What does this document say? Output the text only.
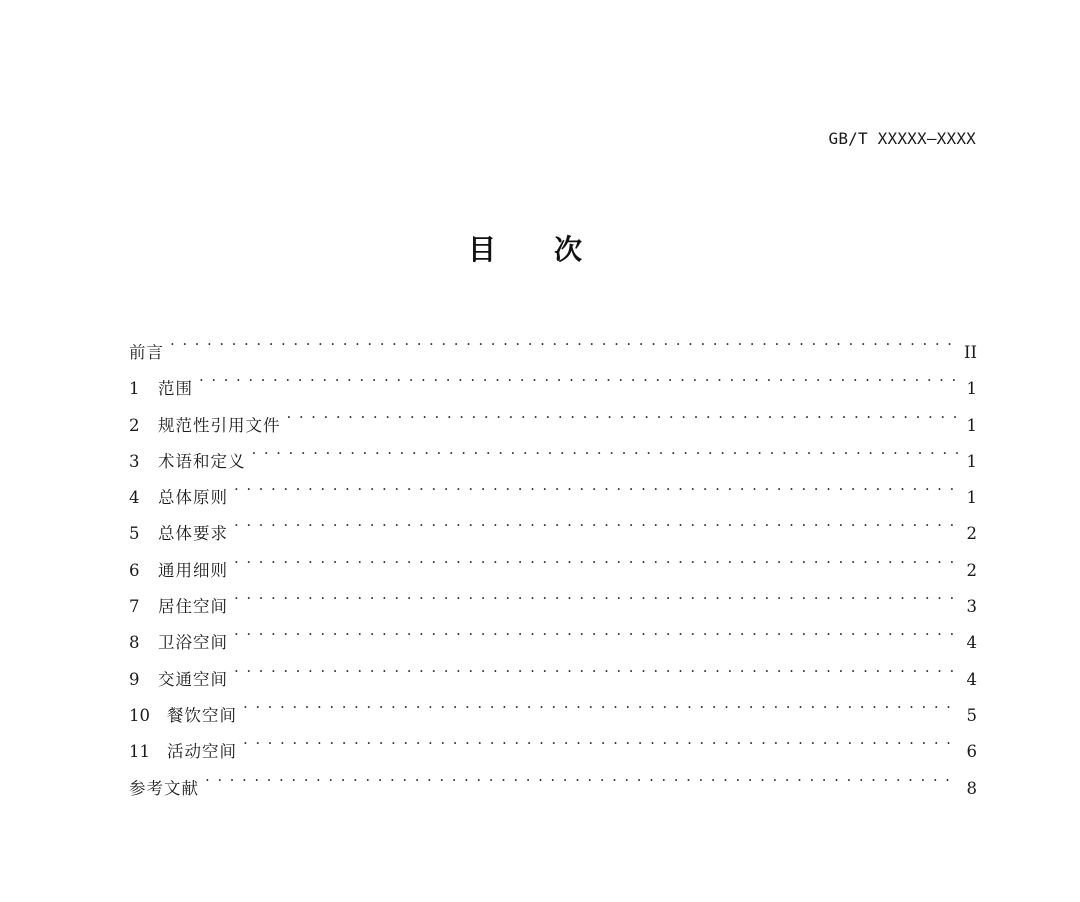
GB/T XXXXX—XXXX
目次
前言 . . .	II
1	范围 . . .	1
2	规范性引用文件 . . .	1
3	术语和定义 . . .	1
4	总体原则 . . .	1
5	总体要求 . . .	2
6	通用细则 . . .	2
7	居住空间 . . .	3
8	卫浴空间 . . .	4
9	交通空间 . . .	4
10	餐饮空间 . . .	5
11	活动空间 . . .	6
参考文献 . . .	8
